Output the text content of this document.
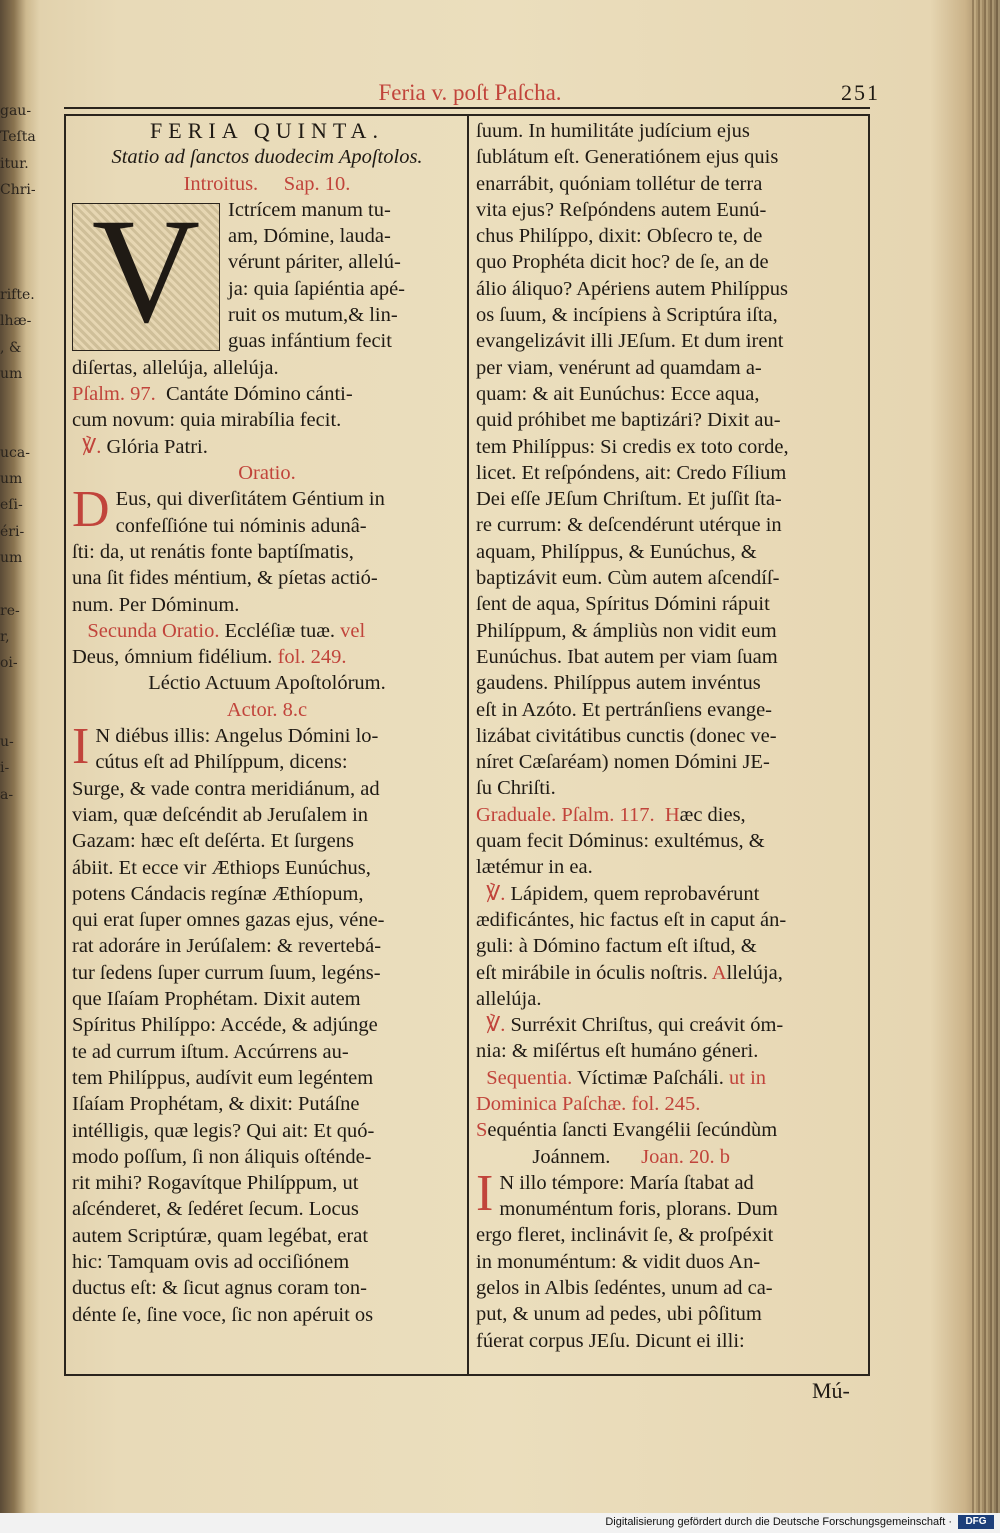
gau-
Teſta
itur.
Chri-
rifte.
lhæ-
, &
um
uca-
um
eſi-
éri-
um
re-
r,
oi-
u-
i-
a-
Feria v. poſt Paſcha.	251
FERIA QUINTA.
Statio ad ſanctos duodecim Apoſtolos.
Introitus. Sap. 10.
V	Ictrícem manum tu-
am, Dómine, lauda-
vérunt páriter, allelú-
ja: quia ſapiéntia apé-
ruit os mutum,& lin-
guas infántium fecit
diſertas, allelúja, allelúja.
Pſalm. 97. Cantáte Dómino cánti-
cum novum: quia mirabília fecit.
℣. Glória Patri.
Oratio.
D Eus, qui diverſitátem Géntium in
confeſſióne tui nóminis adunâ-
ſti: da, ut renátis fonte baptíſmatis,
una ſit fides méntium, & píetas actió-
num. Per Dóminum.
Secunda Oratio. Eccléſiæ tuæ. vel
Deus, ómnium fidélium. fol. 249.
Léctio Actuum Apoſtolórum.
Actor. 8.c
I N diébus illis: Angelus Dómini lo-
cútus eſt ad Philíppum, dicens:
Surge, & vade contra meridiánum, ad
viam, quæ deſcéndit ab Jeruſalem in
Gazam: hæc eſt deſérta. Et ſurgens
ábiit. Et ecce vir Æthiops Eunúchus,
potens Cándacis regínæ Æthíopum,
qui erat ſuper omnes gazas ejus, véne-
rat adoráre in Jerúſalem: & revertebá-
tur ſedens ſuper currum ſuum, legéns-
que Iſaíam Prophétam. Dixit autem
Spíritus Philíppo: Accéde, & adjúnge
te ad currum iſtum. Accúrrens au-
tem Philíppus, audívit eum legéntem
Iſaíam Prophétam, & dixit: Putáſne
intélligis, quæ legis? Qui ait: Et quó-
modo poſſum, ſi non áliquis oſténde-
rit mihi? Rogavítque Philíppum, ut
aſcénderet, & ſedéret ſecum. Locus
autem Scriptúræ, quam legébat, erat
hic: Tamquam ovis ad occiſiónem
ductus eſt: & ſicut agnus coram ton-
dénte ſe, ſine voce, ſic non apéruit os
ſuum. In humilitáte judícium ejus
ſublátum eſt. Generatiónem ejus quis
enarrábit, quóniam tollétur de terra
vita ejus? Reſpóndens autem Eunú-
chus Philíppo, dixit: Obſecro te, de
quo Prophéta dicit hoc? de ſe, an de
álio áliquo? Apériens autem Philíppus
os ſuum, & incípiens à Scriptúra iſta,
evangelizávit illi JEſum. Et dum irent
per viam, venérunt ad quamdam a-
quam: & ait Eunúchus: Ecce aqua,
quid próhibet me baptizári? Dixit au-
tem Philíppus: Si credis ex toto corde,
licet. Et reſpóndens, ait: Credo Fílium
Dei eſſe JEſum Chriſtum. Et juſſit ſta-
re currum: & deſcendérunt utérque in
aquam, Philíppus, & Eunúchus, &
baptizávit eum. Cùm autem aſcendíſ-
ſent de aqua, Spíritus Dómini rápuit
Philíppum, & ámpliùs non vidit eum
Eunúchus. Ibat autem per viam ſuam
gaudens. Philíppus autem invéntus
eſt in Azóto. Et pertránſiens evange-
lizábat civitátibus cunctis (donec ve-
níret Cæſaréam) nomen Dómini JE-
ſu Chriſti.
Graduale. Pſalm. 117. Hæc dies,
quam fecit Dóminus: exultémus, &
lætémur in ea.
℣. Lápidem, quem reprobavérunt
ædificántes, hic factus eſt in caput án-
guli: à Dómino factum eſt iſtud, &
eſt mirábile in óculis noſtris. Allelúja,
allelúja.
℣. Surréxit Chriſtus, qui creávit óm-
nia: & miſértus eſt humáno géneri.
Sequentia. Víctimæ Paſcháli. ut in
Dominica Paſchæ. fol. 245.
Sequéntia ſancti Evangélii ſecúndùm
Joánnem. Joan. 20. b
I N illo témpore: María ſtabat ad
monuméntum foris, plorans. Dum
ergo fleret, inclinávit ſe, & proſpéxit
in monuméntum: & vidit duos An-
gelos in Albis ſedéntes, unum ad ca-
put, & unum ad pedes, ubi pôſitum
fúerat corpus JEſu. Dicunt ei illi:
Mú-
Digitalisierung gefördert durch die Deutsche Forschungsgemeinschaft ·	DFG
